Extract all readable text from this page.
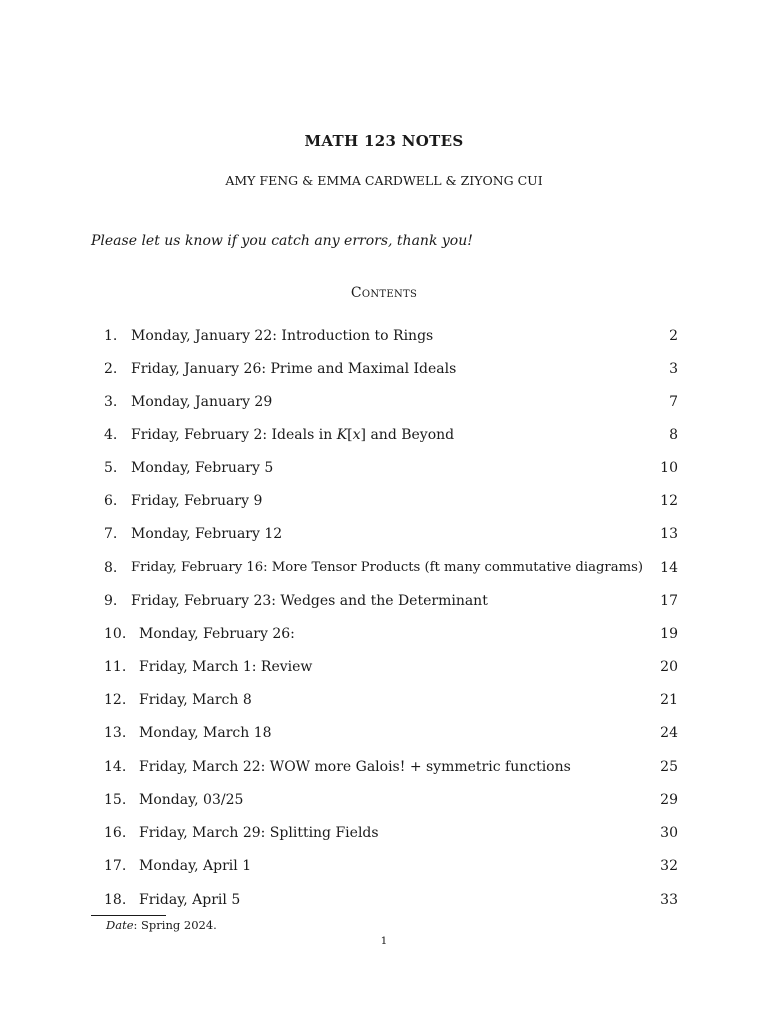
MATH 123 NOTES
AMY FENG & EMMA CARDWELL & ZIYONG CUI
Please let us know if you catch any errors, thank you!
Contents
1. Monday, January 22: Introduction to Rings	2
2. Friday, January 26: Prime and Maximal Ideals	3
3. Monday, January 29	7
4. Friday, February 2: Ideals in K[x] and Beyond	8
5. Monday, February 5	10
6. Friday, February 9	12
7. Monday, February 12	13
8. Friday, February 16: More Tensor Products (ft many commutative diagrams) 14
9. Friday, February 23: Wedges and the Determinant	17
10. Monday, February 26:	19
11. Friday, March 1: Review	20
12. Friday, March 8	21
13. Monday, March 18	24
14. Friday, March 22: WOW more Galois! + symmetric functions	25
15. Monday, 03/25	29
16. Friday, March 29: Splitting Fields	30
17. Monday, April 1	32
18. Friday, April 5	33
Date: Spring 2024.
1
